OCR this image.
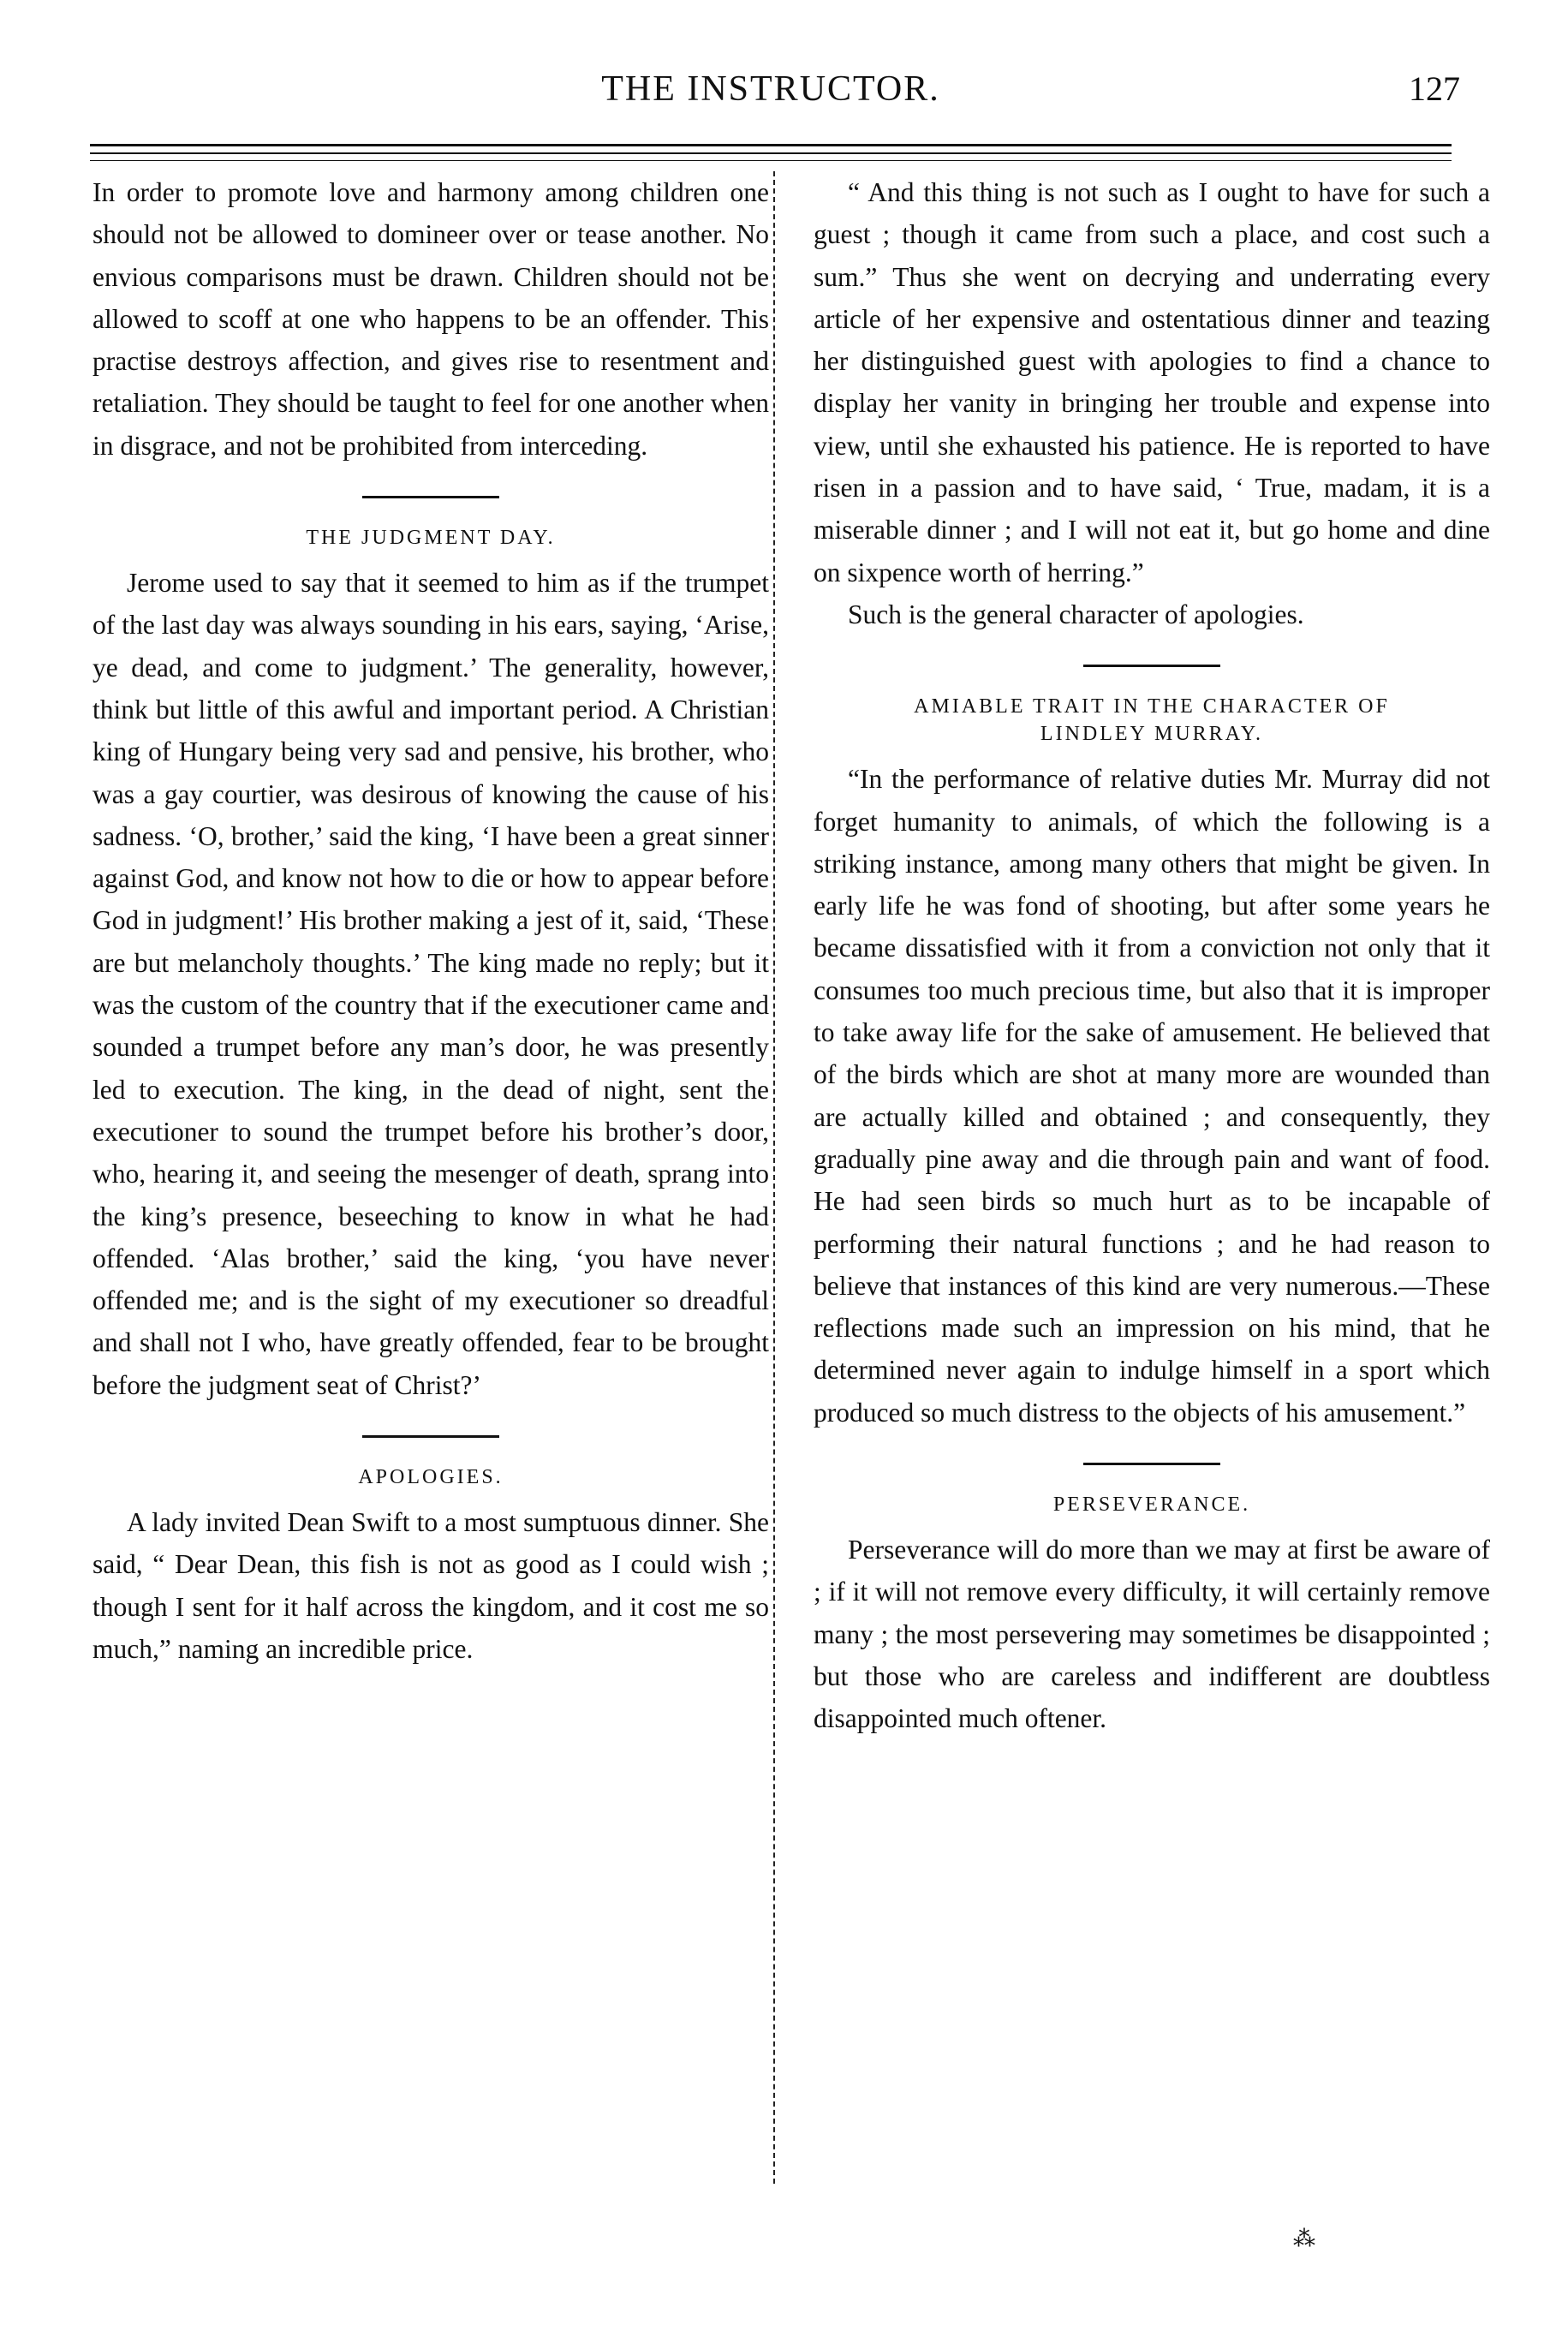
THE INSTRUCTOR.	127

In order to promote love and harmony among children one should not be allowed to domineer over or tease another. No envious comparisons must be drawn. Children should not be allowed to scoff at one who happens to be an offender. This practise destroys affection, and gives rise to resentment and retaliation. They should be taught to feel for one another when in disgrace, and not be prohibited from interceding.

THE JUDGMENT DAY.

Jerome used to say that it seemed to him as if the trumpet of the last day was always sounding in his ears, saying, ‘Arise, ye dead, and come to judgment.’ The generality, however, think but little of this awful and important period. A Christian king of Hungary being very sad and pensive, his brother, who was a gay courtier, was desirous of knowing the cause of his sadness. ‘O, brother,’ said the king, ‘I have been a great sinner against God, and know not how to die or how to appear before God in judgment!’ His brother making a jest of it, said, ‘These are but melancholy thoughts.’ The king made no reply; but it was the custom of the country that if the executioner came and sounded a trumpet before any man’s door, he was presently led to execution. The king, in the dead of night, sent the executioner to sound the trumpet before his brother’s door, who, hearing it, and seeing the mesenger of death, sprang into the king’s presence, beseeching to know in what he had offended. ‘Alas brother,’ said the king, ‘you have never offended me; and is the sight of my executioner so dreadful and shall not I who, have greatly offended, fear to be brought before the judgment seat of Christ?’

APOLOGIES.

A lady invited Dean Swift to a most sumptuous dinner. She said, “ Dear Dean, this fish is not as good as I could wish ; though I sent for it half across the kingdom, and it cost me so much,” naming an incredible price.

“ And this thing is not such as I ought to have for such a guest ; though it came from such a place, and cost such a sum.” Thus she went on decrying and underrating every article of her expensive and ostentatious dinner and teazing her distinguished guest with apologies to find a chance to display her vanity in bringing her trouble and expense into view, until she exhausted his patience. He is reported to have risen in a passion and to have said, ‘ True, madam, it is a miserable dinner ; and I will not eat it, but go home and dine on sixpence worth of herring.”

Such is the general character of apologies.

AMIABLE TRAIT IN THE CHARACTER OF
LINDLEY MURRAY.

“In the performance of relative duties Mr. Murray did not forget humanity to animals, of which the following is a striking instance, among many others that might be given. In early life he was fond of shooting, but after some years he became dissatisfied with it from a conviction not only that it consumes too much precious time, but also that it is improper to take away life for the sake of amusement. He believed that of the birds which are shot at many more are wounded than are actually killed and obtained ; and consequently, they gradually pine away and die through pain and want of food. He had seen birds so much hurt as to be incapable of performing their natural functions ; and he had reason to believe that instances of this kind are very numerous.—These reflections made such an impression on his mind, that he determined never again to indulge himself in a sport which produced so much distress to the objects of his amusement.”

PERSEVERANCE.

Perseverance will do more than we may at first be aware of ; if it will not remove every difficulty, it will certainly remove many ; the most persevering may sometimes be disappointed ; but those who are careless and indifferent are doubtless disappointed much oftener.

⁂
